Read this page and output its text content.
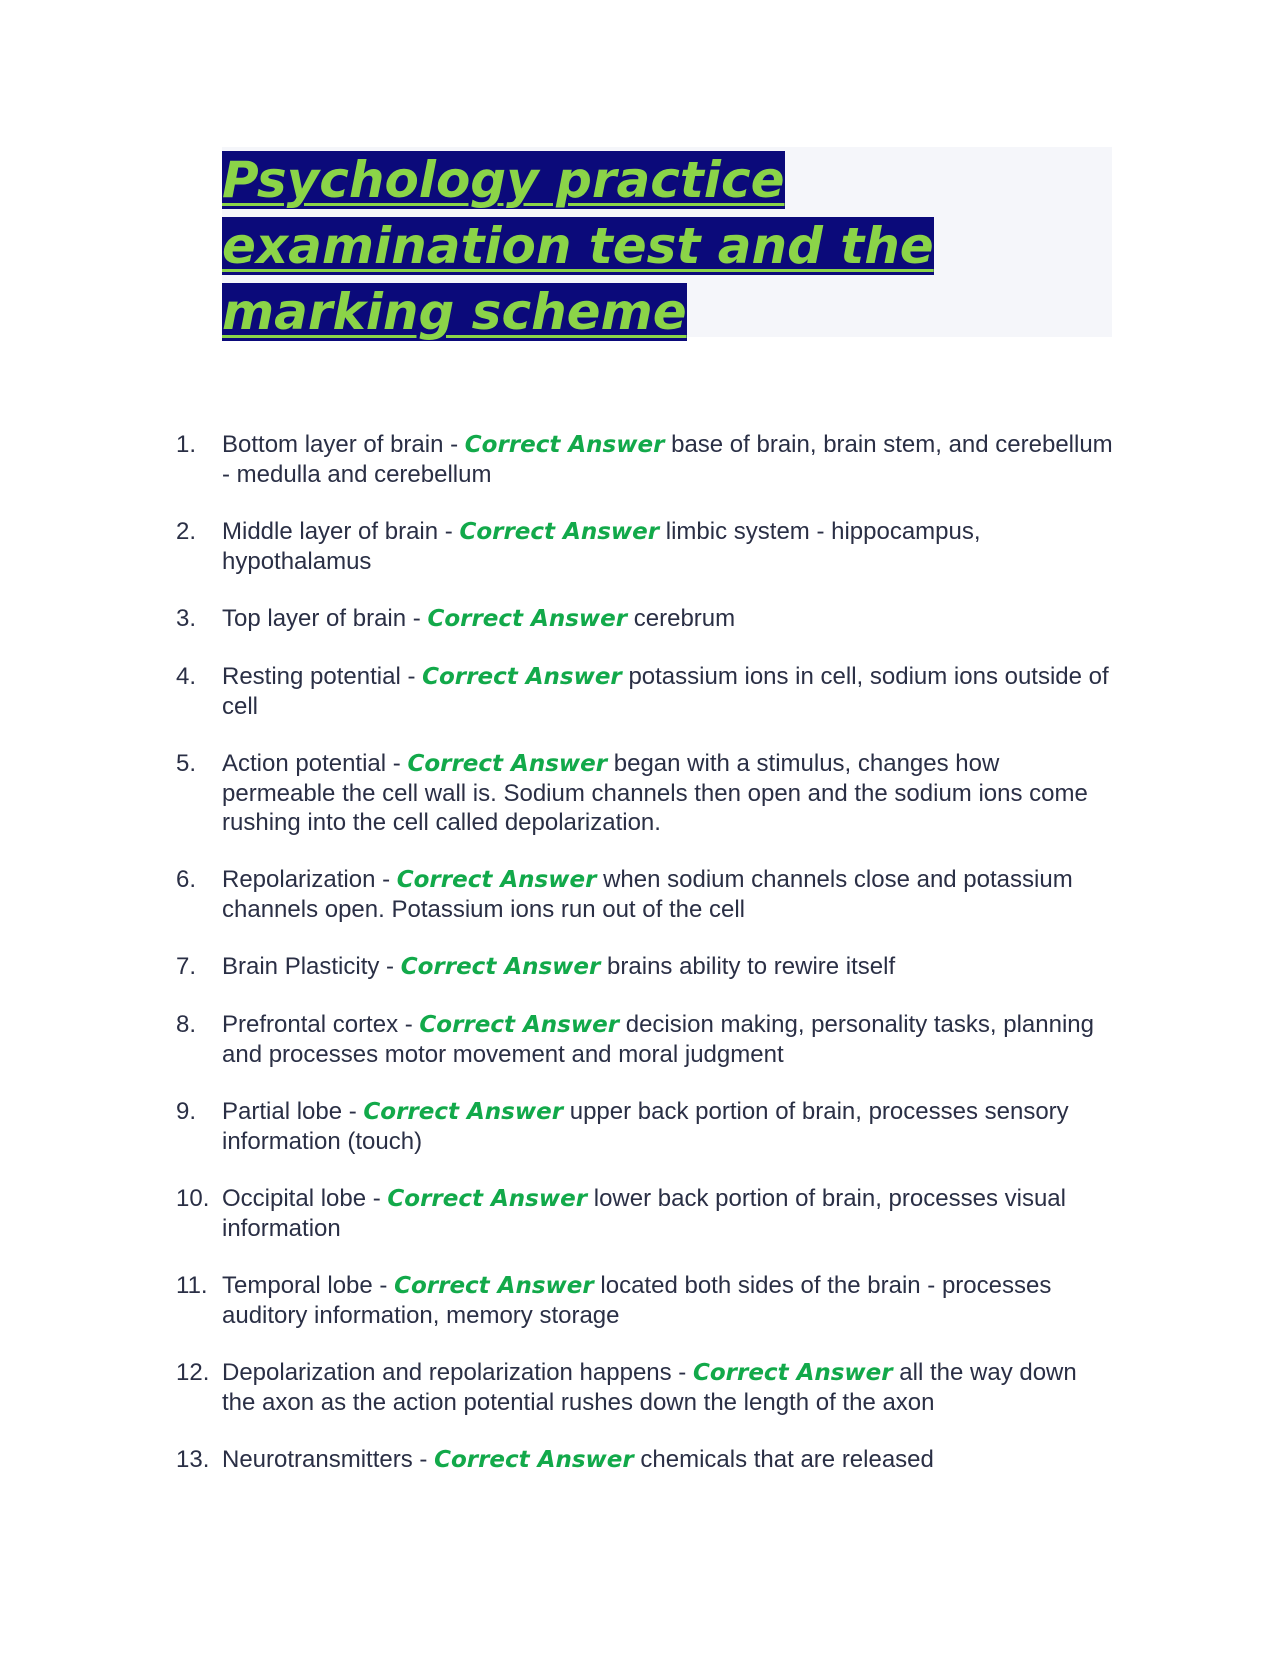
Psychology practice examination test and the marking scheme
1.	Bottom layer of brain - Correct Answer base of brain, brain stem, and cerebellum - medulla and cerebellum
2.	Middle layer of brain - Correct Answer limbic system - hippocampus, hypothalamus
3.	Top layer of brain - Correct Answer cerebrum
4.	Resting potential - Correct Answer potassium ions in cell, sodium ions outside of cell
5.	Action potential - Correct Answer began with a stimulus, changes how permeable the cell wall is. Sodium channels then open and the sodium ions come rushing into the cell called depolarization.
6.	Repolarization - Correct Answer when sodium channels close and potassium channels open. Potassium ions run out of the cell
7.	Brain Plasticity - Correct Answer brains ability to rewire itself
8.	Prefrontal cortex - Correct Answer decision making, personality tasks, planning and processes motor movement and moral judgment
9.	Partial lobe - Correct Answer upper back portion of brain, processes sensory information (touch)
10. Occipital lobe - Correct Answer lower back portion of brain, processes visual information
11. Temporal lobe - Correct Answer located both sides of the brain - processes auditory information, memory storage
12. Depolarization and repolarization happens - Correct Answer all the way down the axon as the action potential rushes down the length of the axon
13. Neurotransmitters - Correct Answer chemicals that are released
